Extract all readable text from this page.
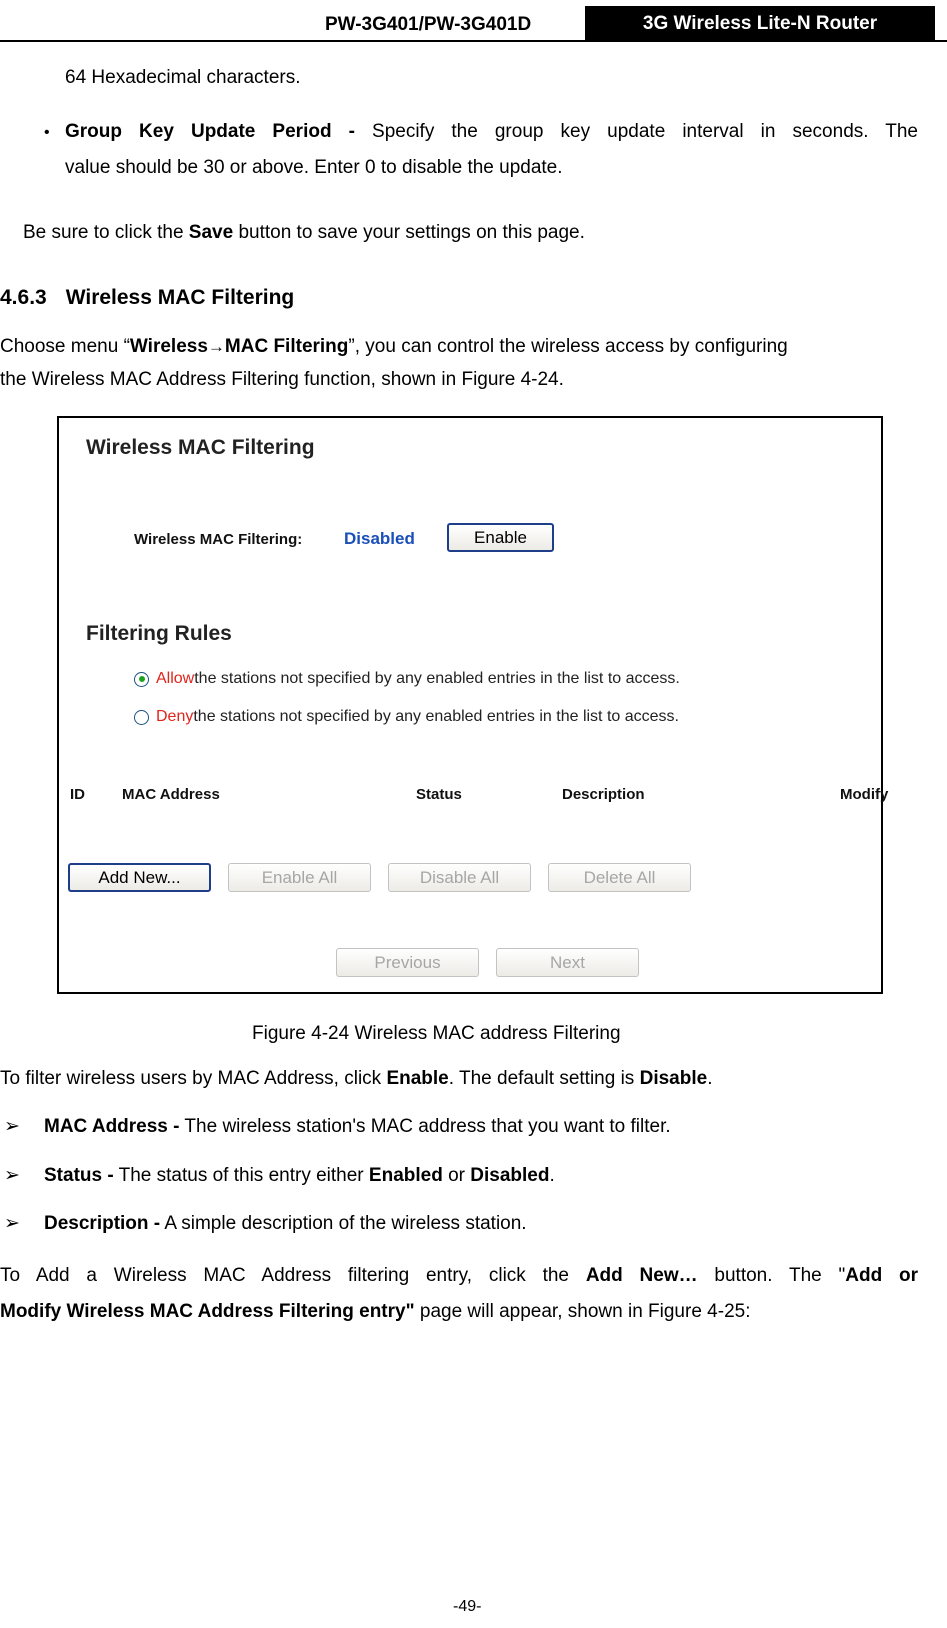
PW-3G401/PW-3G401D	3G Wireless Lite-N Router
64 Hexadecimal characters.
• Group Key Update Period - Specify the group key update interval in seconds. The
value should be 30 or above. Enter 0 to disable the update.
Be sure to click the Save button to save your settings on this page.
4.6.3 Wireless MAC Filtering
Choose menu “Wireless→MAC Filtering”, you can control the wireless access by configuring
the Wireless MAC Address Filtering function, shown in Figure 4-24.
Wireless MAC Filtering
Wireless MAC Filtering: Disabled	Enable
Filtering Rules
Allow the stations not specified by any enabled entries in the list to access.
Deny the stations not specified by any enabled entries in the list to access.
ID MAC Address	Status	Description	Modify
Add New...	Enable All	Disable All	Delete All
Previous	Next
Figure 4-24 Wireless MAC address Filtering
To filter wireless users by MAC Address, click Enable. The default setting is Disable.
➢ MAC Address - The wireless station's MAC address that you want to filter.
➢ Status - The status of this entry either Enabled or Disabled.
➢ Description - A simple description of the wireless station.
To Add a Wireless MAC Address filtering entry, click the Add New… button. The "Add or
Modify Wireless MAC Address Filtering entry" page will appear, shown in Figure 4-25:
-49-
